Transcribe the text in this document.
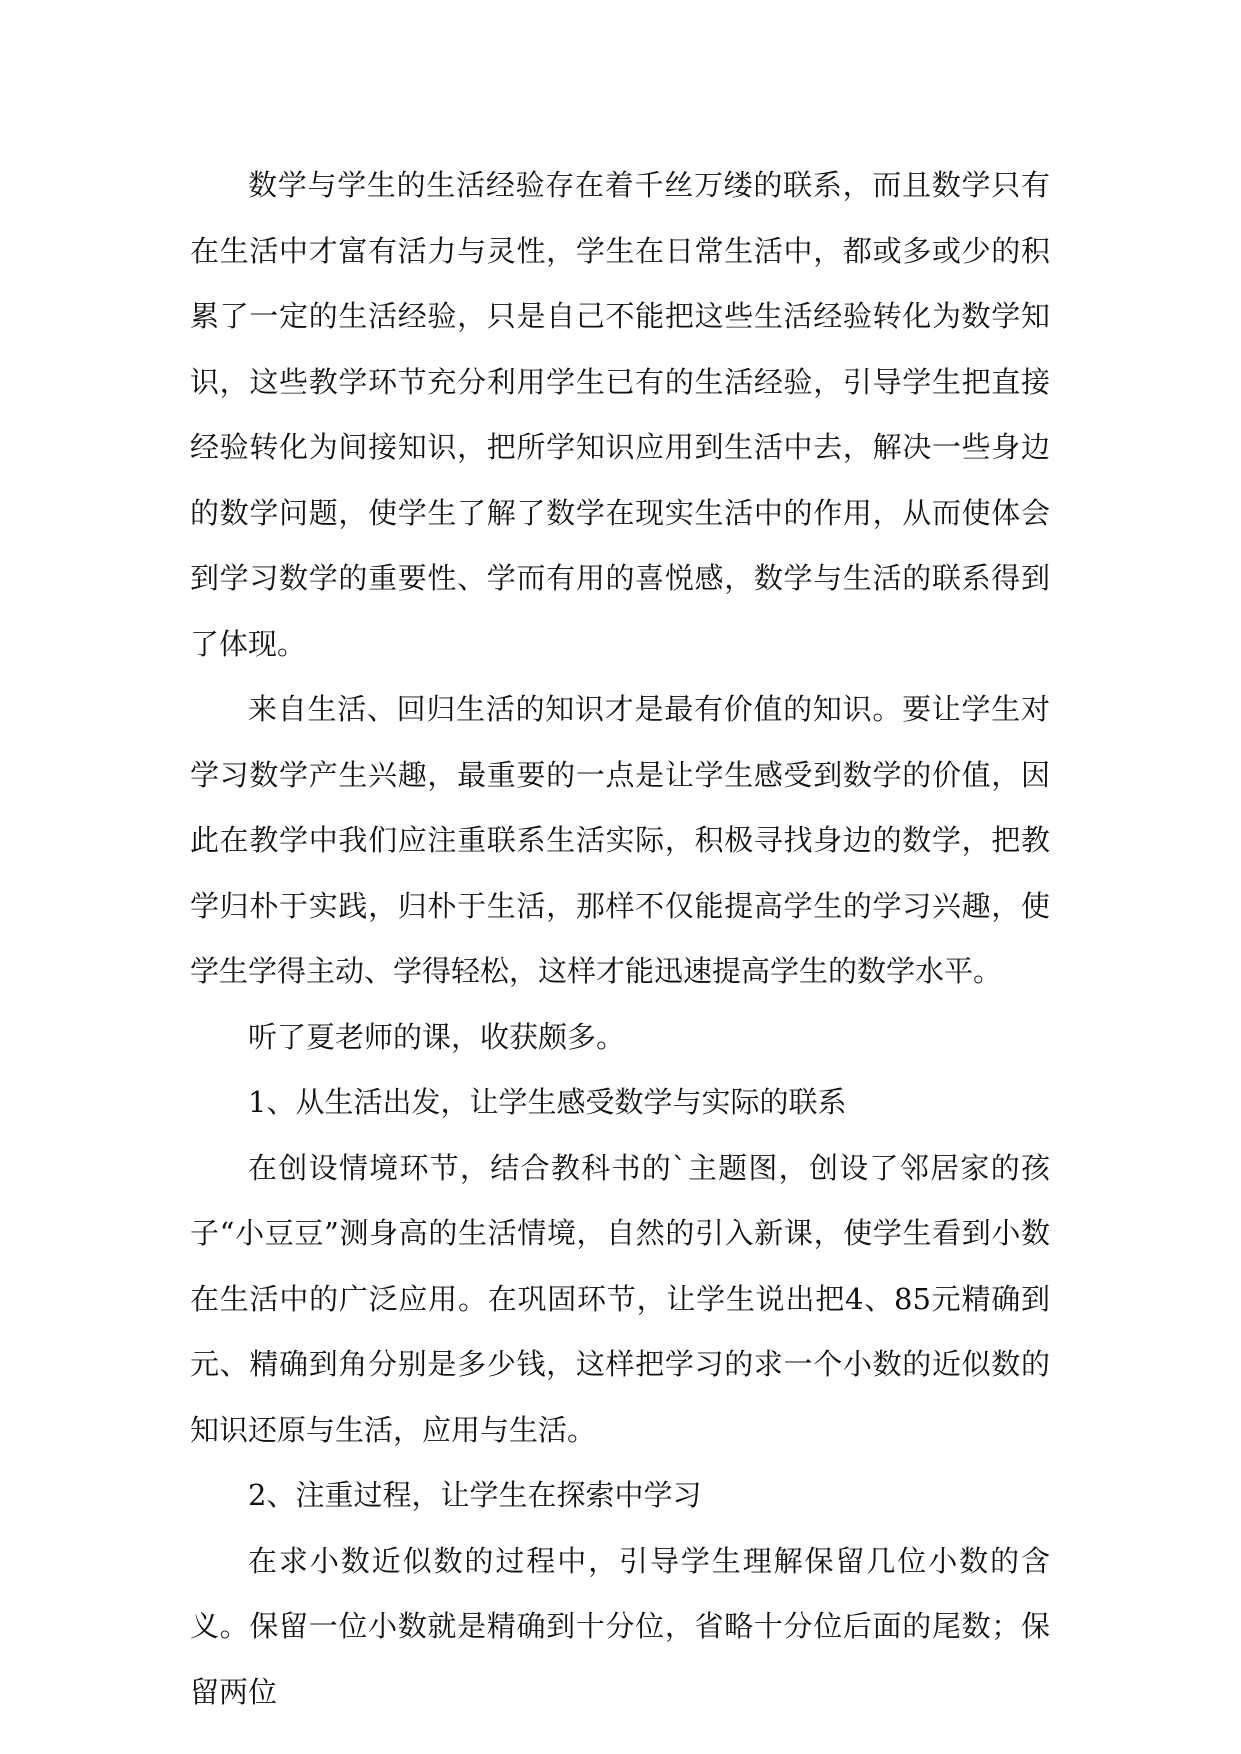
数学与学生的生活经验存在着千丝万缕的联系，而且数学只有在生活中才富有活力与灵性，学生在日常生活中，都或多或少的积累了一定的生活经验，只是自己不能把这些生活经验转化为数学知识，这些教学环节充分利用学生已有的生活经验，引导学生把直接经验转化为间接知识，把所学知识应用到生活中去，解决一些身边的数学问题，使学生了解了数学在现实生活中的作用，从而使体会到学习数学的重要性、学而有用的喜悦感，数学与生活的联系得到了体现。

来自生活、回归生活的知识才是最有价值的知识。要让学生对学习数学产生兴趣，最重要的一点是让学生感受到数学的价值，因此在教学中我们应注重联系生活实际，积极寻找身边的数学，把教学归朴于实践，归朴于生活，那样不仅能提高学生的学习兴趣，使学生学得主动、学得轻松，这样才能迅速提高学生的数学水平。

听了夏老师的课，收获颇多。

1、从生活出发，让学生感受数学与实际的联系

在创设情境环节，结合教科书的`主题图，创设了邻居家的孩子“小豆豆”测身高的生活情境，自然的引入新课，使学生看到小数在生活中的广泛应用。在巩固环节，让学生说出把4、85元精确到元、精确到角分别是多少钱，这样把学习的求一个小数的近似数的知识还原与生活，应用与生活。

2、注重过程，让学生在探索中学习

在求小数近似数的过程中，引导学生理解保留几位小数的含义。保留一位小数就是精确到十分位，省略十分位后面的尾数；保留两位
